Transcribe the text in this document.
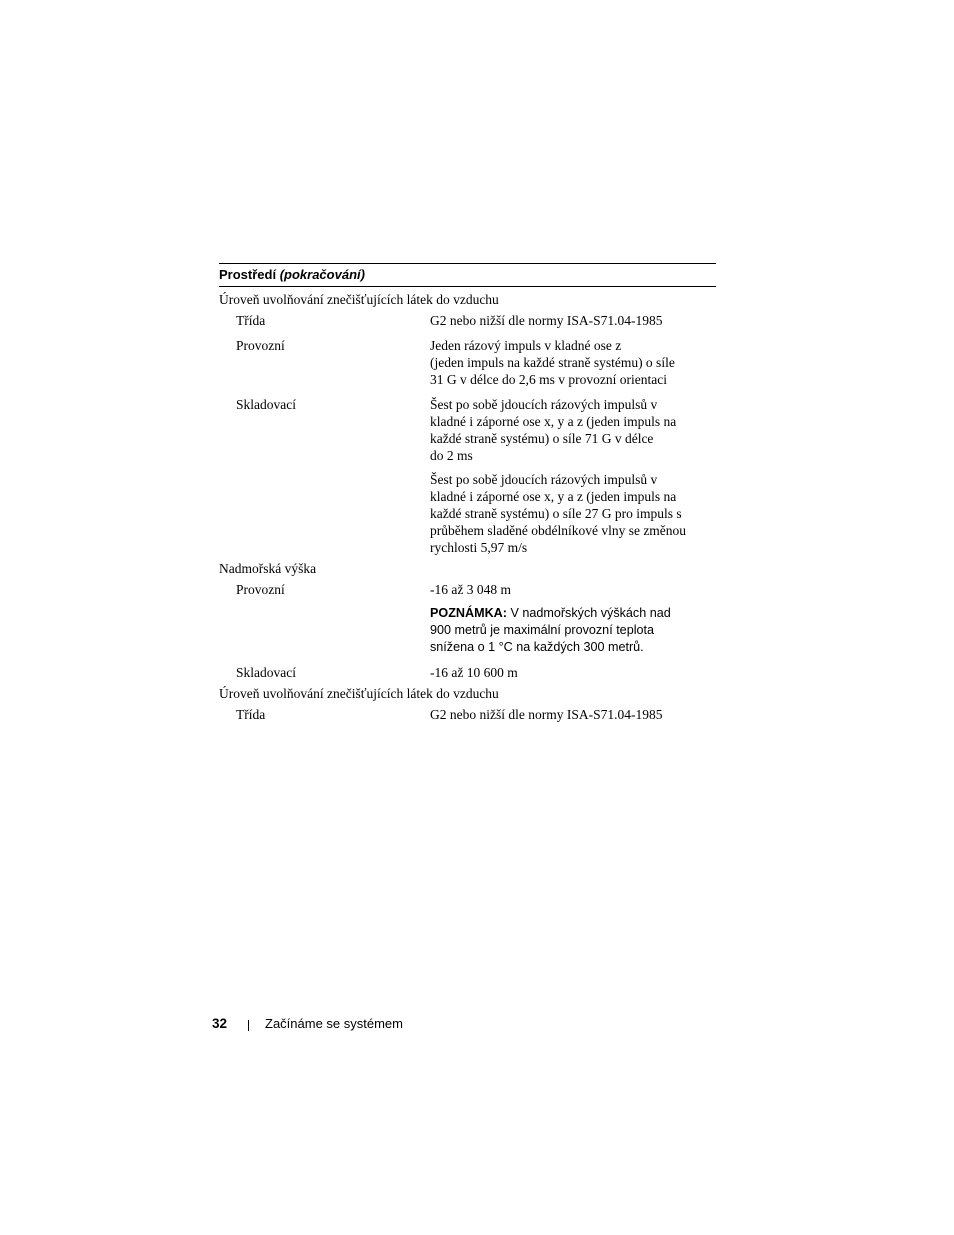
Prostředí (pokračování)
Úroveň uvolňování znečišťujících látek do vzduchu
Třída	G2 nebo nižší dle normy ISA-S71.04-1985
Provozní	Jeden rázový impuls v kladné ose z
(jeden impuls na každé straně systému) o síle
31 G v délce do 2,6 ms v provozní orientaci
Skladovací	Šest po sobě jdoucích rázových impulsů v
kladné i záporné ose x, y a z (jeden impuls na
každé straně systému) o síle 71 G v délce
do 2 ms

Šest po sobě jdoucích rázových impulsů v
kladné i záporné ose x, y a z (jeden impuls na
každé straně systému) o síle 27 G pro impuls s
průběhem sladěné obdélníkové vlny se změnou
rychlosti 5,97 m/s

Nadmořská výška
Provozní	-16 až 3 048 m

POZNÁMKA: V nadmořských výškách nad
900 metrů je maximální provozní teplota
snížena o 1 °C na každých 300 metrů.

Skladovací	-16 až 10 600 m
Úroveň uvolňování znečišťujících látek do vzduchu
Třída	G2 nebo nižší dle normy ISA-S71.04-1985
32	Začínáme se systémem
